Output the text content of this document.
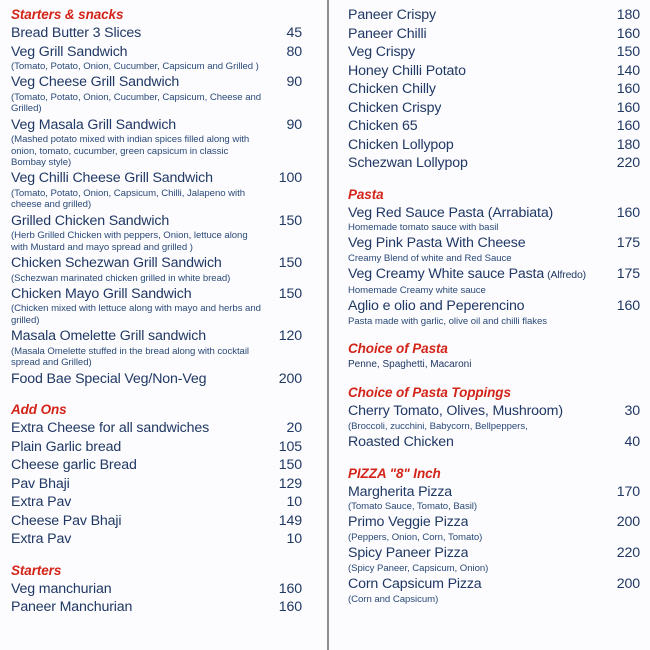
Starters & snacks
Bread Butter 3 Slices	45
Veg Grill Sandwich	80
(Tomato, Potato, Onion, Cucumber, Capsicum and Grilled )
Veg Cheese Grill Sandwich	90
(Tomato, Potato, Onion, Cucumber, Capsicum, Cheese and Grilled)
Veg Masala Grill Sandwich	90
(Mashed potato mixed with indian spices filled along with onion, tomato, cucumber, green capsicum in classic Bombay style)
Veg Chilli Cheese Grill Sandwich	100
(Tomato, Potato, Onion, Capsicum, Chilli, Jalapeno with cheese and grilled)
Grilled Chicken Sandwich	150
(Herb Grilled Chicken with peppers, Onion, lettuce along with Mustard and mayo spread and grilled )
Chicken Schezwan Grill Sandwich	150
(Schezwan marinated chicken grilled in white bread)
Chicken Mayo Grill Sandwich	150
(Chicken mixed with lettuce along with mayo and herbs and grilled)
Masala Omelette Grill sandwich	120
(Masala Omelette stuffed in the bread along with cocktail spread and Grilled)
Food Bae Special Veg/Non-Veg	200
Add Ons
Extra Cheese for all sandwiches	20
Plain Garlic bread	105
Cheese garlic Bread	150
Pav Bhaji	129
Extra Pav	10
Cheese Pav Bhaji	149
Extra Pav	10
Starters
Veg manchurian	160
Paneer Manchurian	160
Paneer Crispy	180
Paneer Chilli	160
Veg Crispy	150
Honey Chilli Potato	140
Chicken Chilly	160
Chicken Crispy	160
Chicken 65	160
Chicken Lollypop	180
Schezwan Lollypop	220
Pasta
Veg Red Sauce Pasta (Arrabiata)	160
Homemade tomato sauce with basil
Veg Pink Pasta With Cheese	175
Creamy Blend of white and Red Sauce
Veg Creamy White sauce Pasta (Alfredo)	175
Homemade Creamy white sauce
Aglio e olio and Peperencino	160
Pasta made with garlic, olive oil and chilli flakes
Choice of Pasta
Penne, Spaghetti, Macaroni
Choice of Pasta Toppings
Cherry Tomato, Olives, Mushroom)	30
(Broccoli, zucchini, Babycorn, Bellpeppers,
Roasted Chicken	40
PIZZA "8" Inch
Margherita Pizza	170
(Tomato Sauce, Tomato, Basil)
Primo Veggie Pizza	200
(Peppers, Onion, Corn, Tomato)
Spicy Paneer Pizza	220
(Spicy Paneer, Capsicum, Onion)
Corn Capsicum Pizza	200
(Corn and Capsicum)
